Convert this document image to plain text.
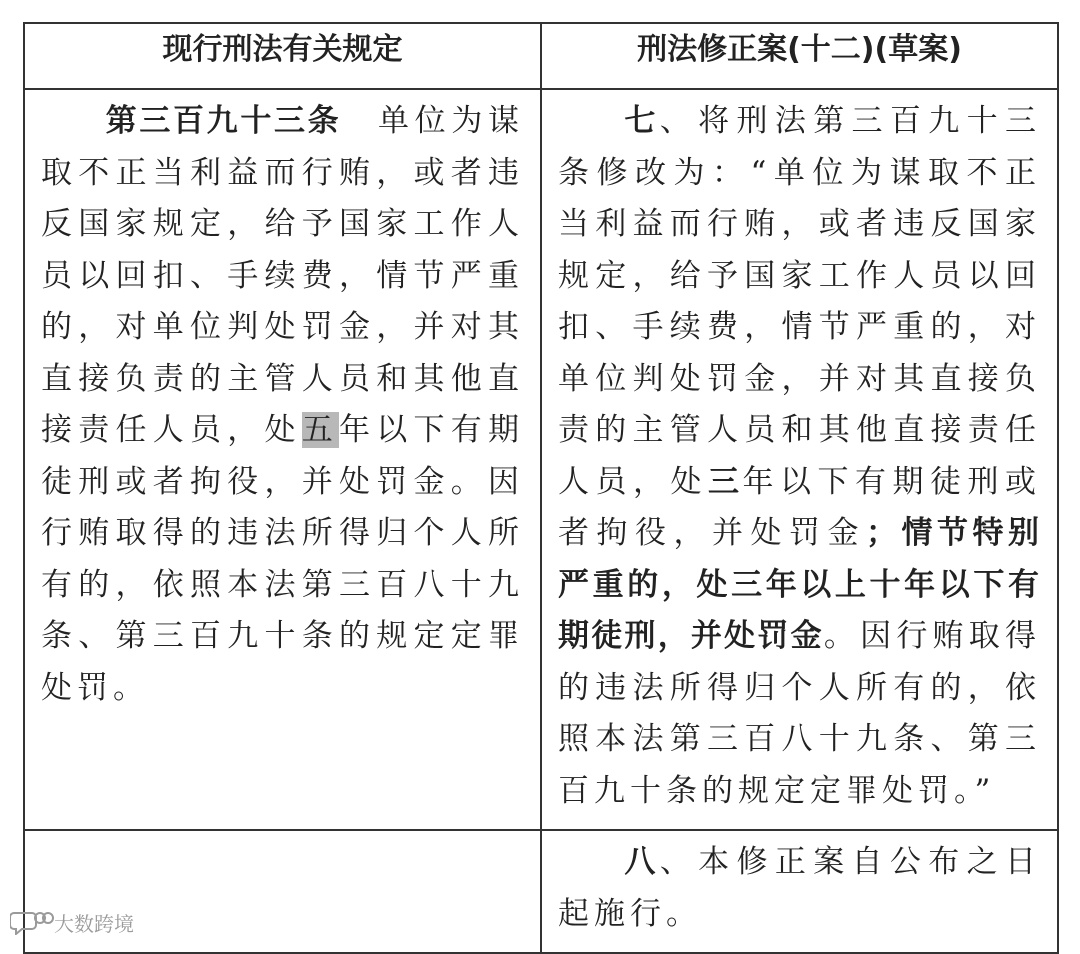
现行刑法有关规定	刑法修正案(十二)(草案)

第三百九十三条　单位为谋取不正当利益而行贿，或者违反国家规定，给予国家工作人员以回扣、手续费，情节严重的，对单位判处罚金，并对其直接负责的主管人员和其他直接责任人员，处五年以下有期徒刑或者拘役，并处罚金。因行贿取得的违法所得归个人所有的，依照本法第三百八十九条、第三百九十条的规定定罪处罚。	七、将刑法第三百九十三条修改为：“单位为谋取不正当利益而行贿，或者违反国家规定，给予国家工作人员以回扣、手续费，情节严重的，对单位判处罚金，并对其直接负责的主管人员和其他直接责任人员，处三年以下有期徒刑或者拘役，并处罚金；情节特别严重的，处三年以上十年以下有期徒刑，并处罚金。因行贿取得的违法所得归个人所有的，依照本法第三百八十九条、第三百九十条的规定定罪处罚。”

	八、本修正案自公布之日起施行。
大数跨境
